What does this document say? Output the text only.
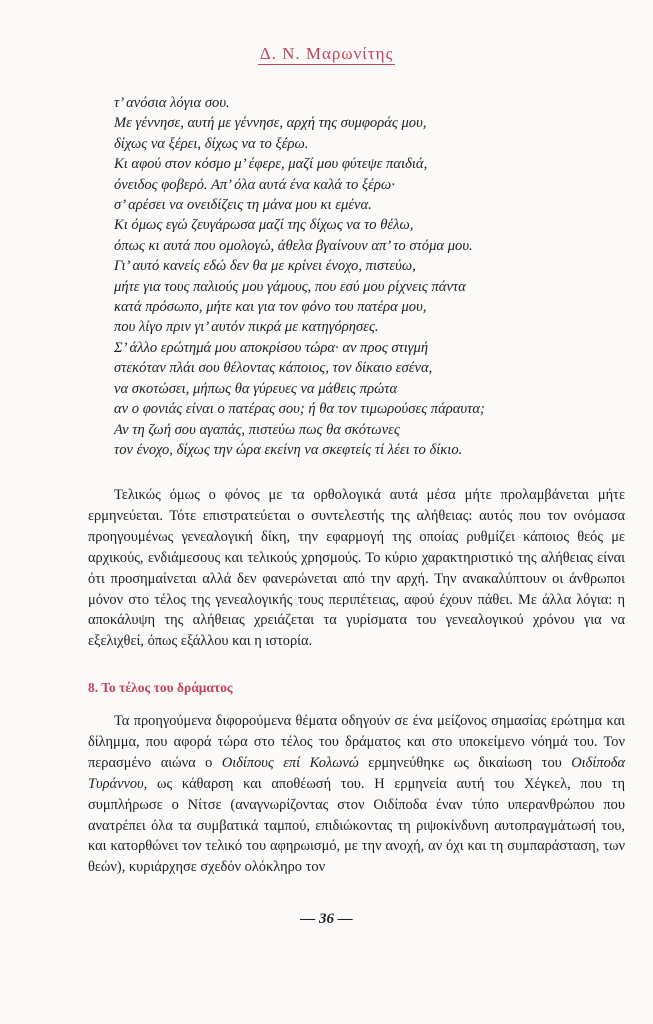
Δ. Ν. Μαρωνίτης
τ’ ανόσια λόγια σου.
Με γέννησε, αυτή με γέννησε, αρχή της συμφοράς μου,
δίχως να ξέρει, δίχως να το ξέρω.
Κι αφού στον κόσμο μ’ έφερε, μαζί μου φύτεψε παιδιά,
όνειδος φοβερό. Απ’ όλα αυτά ένα καλά το ξέρω·
σ’ αρέσει να ονειδίζεις τη μάνα μου κι εμένα.
Κι όμως εγώ ζευγάρωσα μαζί της δίχως να το θέλω,
όπως κι αυτά που ομολογώ, άθελα βγαίνουν απ’ το στόμα μου.
Γι’ αυτό κανείς εδώ δεν θα με κρίνει ένοχο, πιστεύω,
μήτε για τους παλιούς μου γάμους, που εσύ μου ρίχνεις πάντα
κατά πρόσωπο, μήτε και για τον φόνο του πατέρα μου,
που λίγο πριν γι’ αυτόν πικρά με κατηγόρησες.
Σ’ άλλο ερώτημά μου αποκρίσου τώρα· αν προς στιγμή
στεκόταν πλάι σου θέλοντας κάποιος, τον δίκαιο εσένα,
να σκοτώσει, μήπως θα γύρευες να μάθεις πρώτα
αν ο φονιάς είναι ο πατέρας σου; ή θα τον τιμωρούσες πάραυτα;
Αν τη ζωή σου αγαπάς, πιστεύω πως θα σκότωνες
τον ένοχο, δίχως την ώρα εκείνη να σκεφτείς τί λέει το δίκιο.

Τελικώς όμως ο φόνος με τα ορθολογικά αυτά μέσα μήτε προλαμβάνεται μήτε ερμηνεύεται. Τότε επιστρατεύεται ο συντελεστής της αλήθειας: αυτός που τον ονόμασα προηγουμένως γενεαλογική δίκη, την εφαρμογή της οποίας ρυθμίζει κάποιος θεός με αρχικούς, ενδιάμεσους και τελικούς χρησμούς. Το κύριο χαρακτηριστικό της αλήθειας είναι ότι προσημαίνεται αλλά δεν φανερώνεται από την αρχή. Την ανακαλύπτουν οι άνθρωποι μόνον στο τέλος της γενεαλογικής τους περιπέτειας, αφού έχουν πάθει. Με άλλα λόγια: η αποκάλυψη της αλήθειας χρειάζεται τα γυρίσματα του γενεαλογικού χρόνου για να εξελιχθεί, όπως εξάλλου και η ιστορία.

8. Το τέλος του δράματος

Τα προηγούμενα διφορούμενα θέματα οδηγούν σε ένα μείζονος σημασίας ερώτημα και δίλημμα, που αφορά τώρα στο τέλος του δράματος και στο υποκείμενο νόημά του. Τον περασμένο αιώνα ο Οιδίπους επί Κολωνώ ερμηνεύθηκε ως δικαίωση του Οιδίποδα Τυράννου, ως κάθαρση και αποθέωσή του. Η ερμηνεία αυτή του Χέγκελ, που τη συμπλήρωσε ο Νίτσε (αναγνωρίζοντας στον Οιδίποδα έναν τύπο υπερανθρώπου που ανατρέπει όλα τα συμβατικά ταμπού, επιδιώκοντας τη ριψοκίνδυνη αυτοπραγμάτωσή του, και κατορθώνει τον τελικό του αφηρωισμό, με την ανοχή, αν όχι και τη συμπαράσταση, των θεών), κυριάρχησε σχεδόν ολόκληρο τον

— 36 —
